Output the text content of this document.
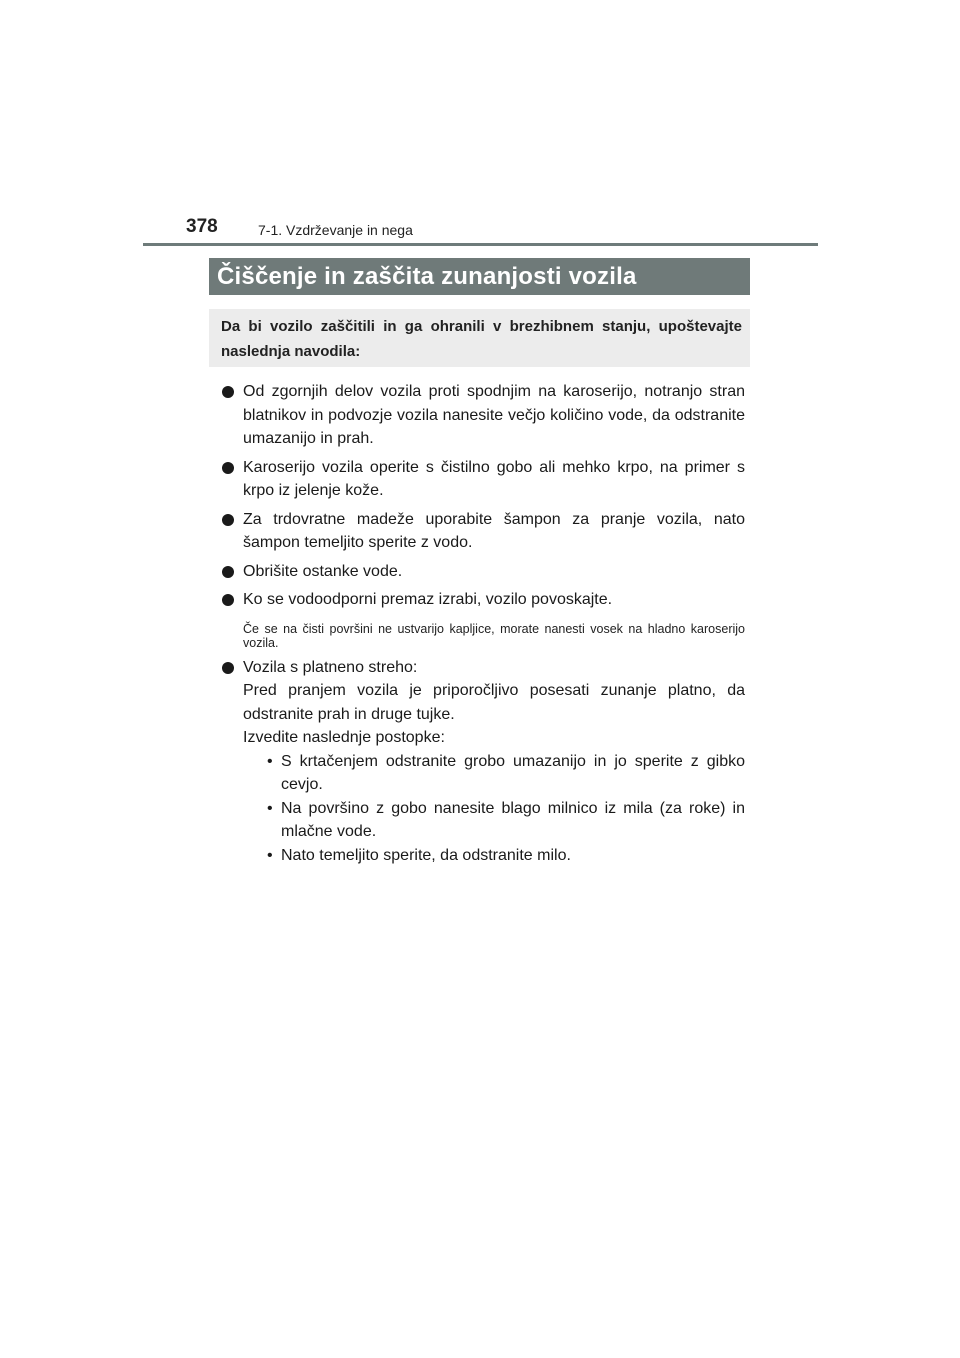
378	7-1. Vzdrževanje in nega
Čiščenje in zaščita zunanjosti vozila
Da bi vozilo zaščitili in ga ohranili v brezhibnem stanju, upoštevajte naslednja navodila:
Od zgornjih delov vozila proti spodnjim na karoserijo, notranjo stran blatnikov in podvozje vozila nanesite večjo količino vode, da odstranite umazanijo in prah.
Karoserijo vozila operite s čistilno gobo ali mehko krpo, na primer s krpo iz jelenje kože.
Za trdovratne madeže uporabite šampon za pranje vozila, nato šampon temeljito sperite z vodo.
Obrišite ostanke vode.
Ko se vodoodporni premaz izrabi, vozilo povoskajte.
Če se na čisti površini ne ustvarijo kapljice, morate nanesti vosek na hladno karoserijo vozila.
Vozila s platneno streho:
Pred pranjem vozila je priporočljivo posesati zunanje platno, da odstranite prah in druge tujke.
Izvedite naslednje postopke:
• S krtačenjem odstranite grobo umazanijo in jo sperite z gibko cevjo.
• Na površino z gobo nanesite blago milnico iz mila (za roke) in mlačne vode.
• Nato temeljito sperite, da odstranite milo.
